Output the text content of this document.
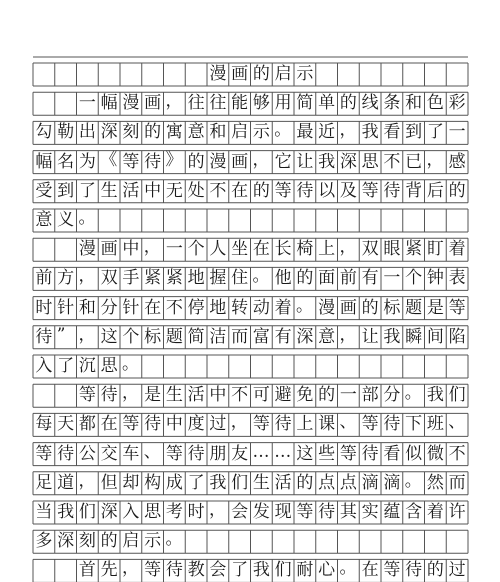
漫 画 的 启 示
一 幅 漫 画 ， 往 往 能 够 用 简 单 的 线 条 和 色 彩
勾 勒 出 深 刻 的 寓 意 和 启 示 。 最 近 ， 我 看 到 了 一
幅 名 为 《 等 待 》 的 漫 画 ， 它 让 我 深 思 不 已 ， 感
受 到 了 生 活 中 无 处 不 在 的 等 待 以 及 等 待 背 后 的
意 义 。
漫 画 中 ， 一 个 人 坐 在 长 椅 上 ， 双 眼 紧 盯 着
前 方 ， 双 手 紧 紧 地 握 住 。 他 的 面 前 有 一 个 钟 表
时 针 和 分 针 在 不 停 地 转 动 着 。 漫 画 的 标 题 是 等
待 ” ， 这 个 标 题 简 洁 而 富 有 深 意 ， 让 我 瞬 间 陷
入 了 沉 思 。
等 待 ， 是 生 活 中 不 可 避 免 的 一 部 分 。 我 们
每 天 都 在 等 待 中 度 过 ， 等 待 上 课 、 等 待 下 班 、
等 待 公 交 车 、 等 待 朋 友 … … 这 些 等 待 看 似 微 不
足 道 ， 但 却 构 成 了 我 们 生 活 的 点 点 滴 滴 。 然 而
当 我 们 深 入 思 考 时 ， 会 发 现 等 待 其 实 蕴 含 着 许
多 深 刻 的 启 示 。
首 先 ， 等 待 教 会 了 我 们 耐 心 。 在 等 待 的 过
